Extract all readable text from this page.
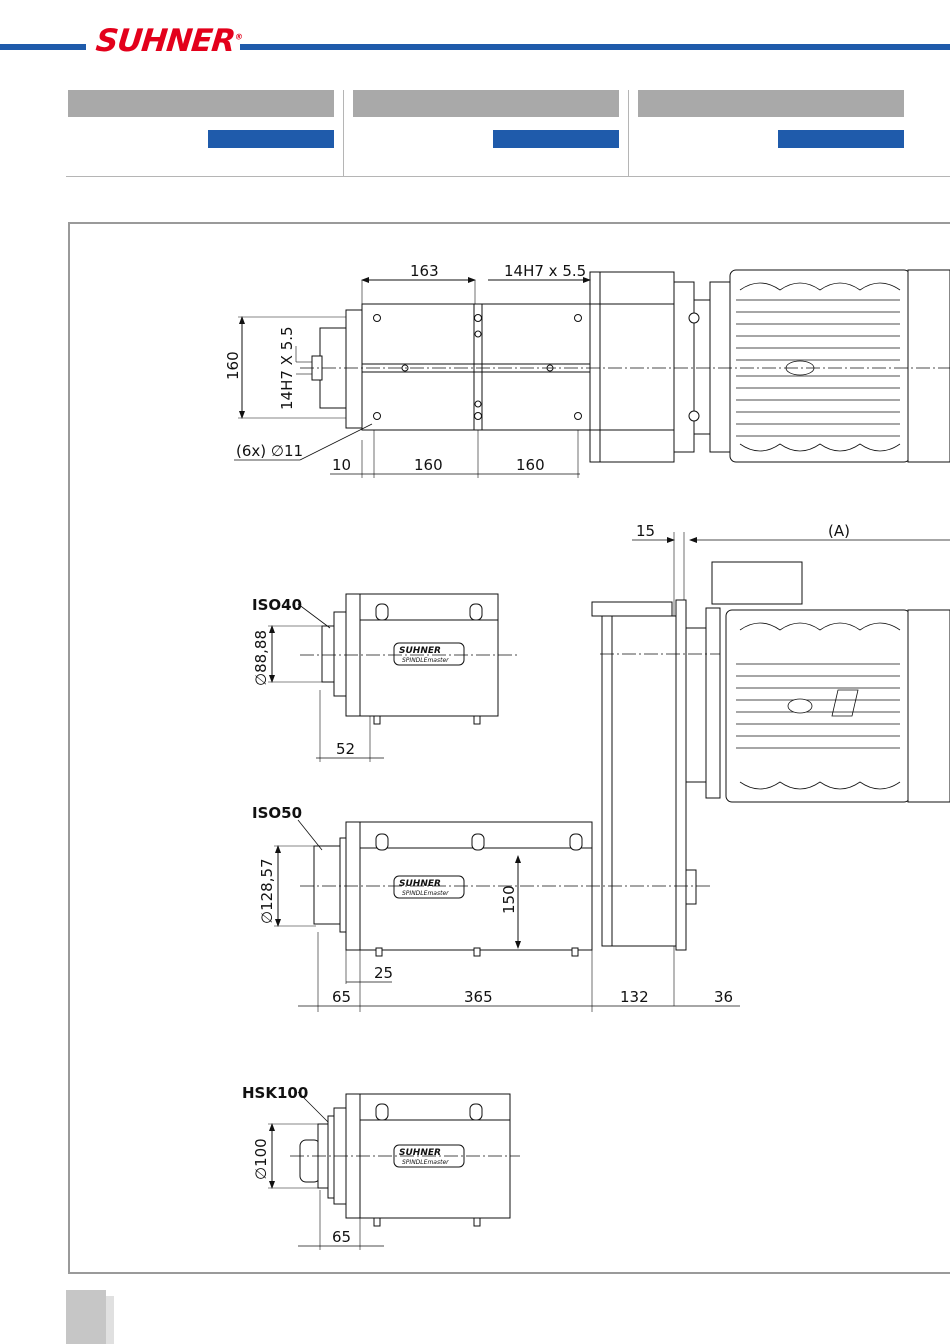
SUHNER®
163	14H7 x 5.5
160 14H7 X 5.5
(6x) ∅11
10	160	160
SUHNER
SPINDLEmaster
SUHNER
SPINDLEmaster
SUHNER
SPINDLEmaster
15	(A)
ISO40
∅88,88
52
ISO50
∅128,57	150
25
65	365	132	36
HSK100
∅100
65
